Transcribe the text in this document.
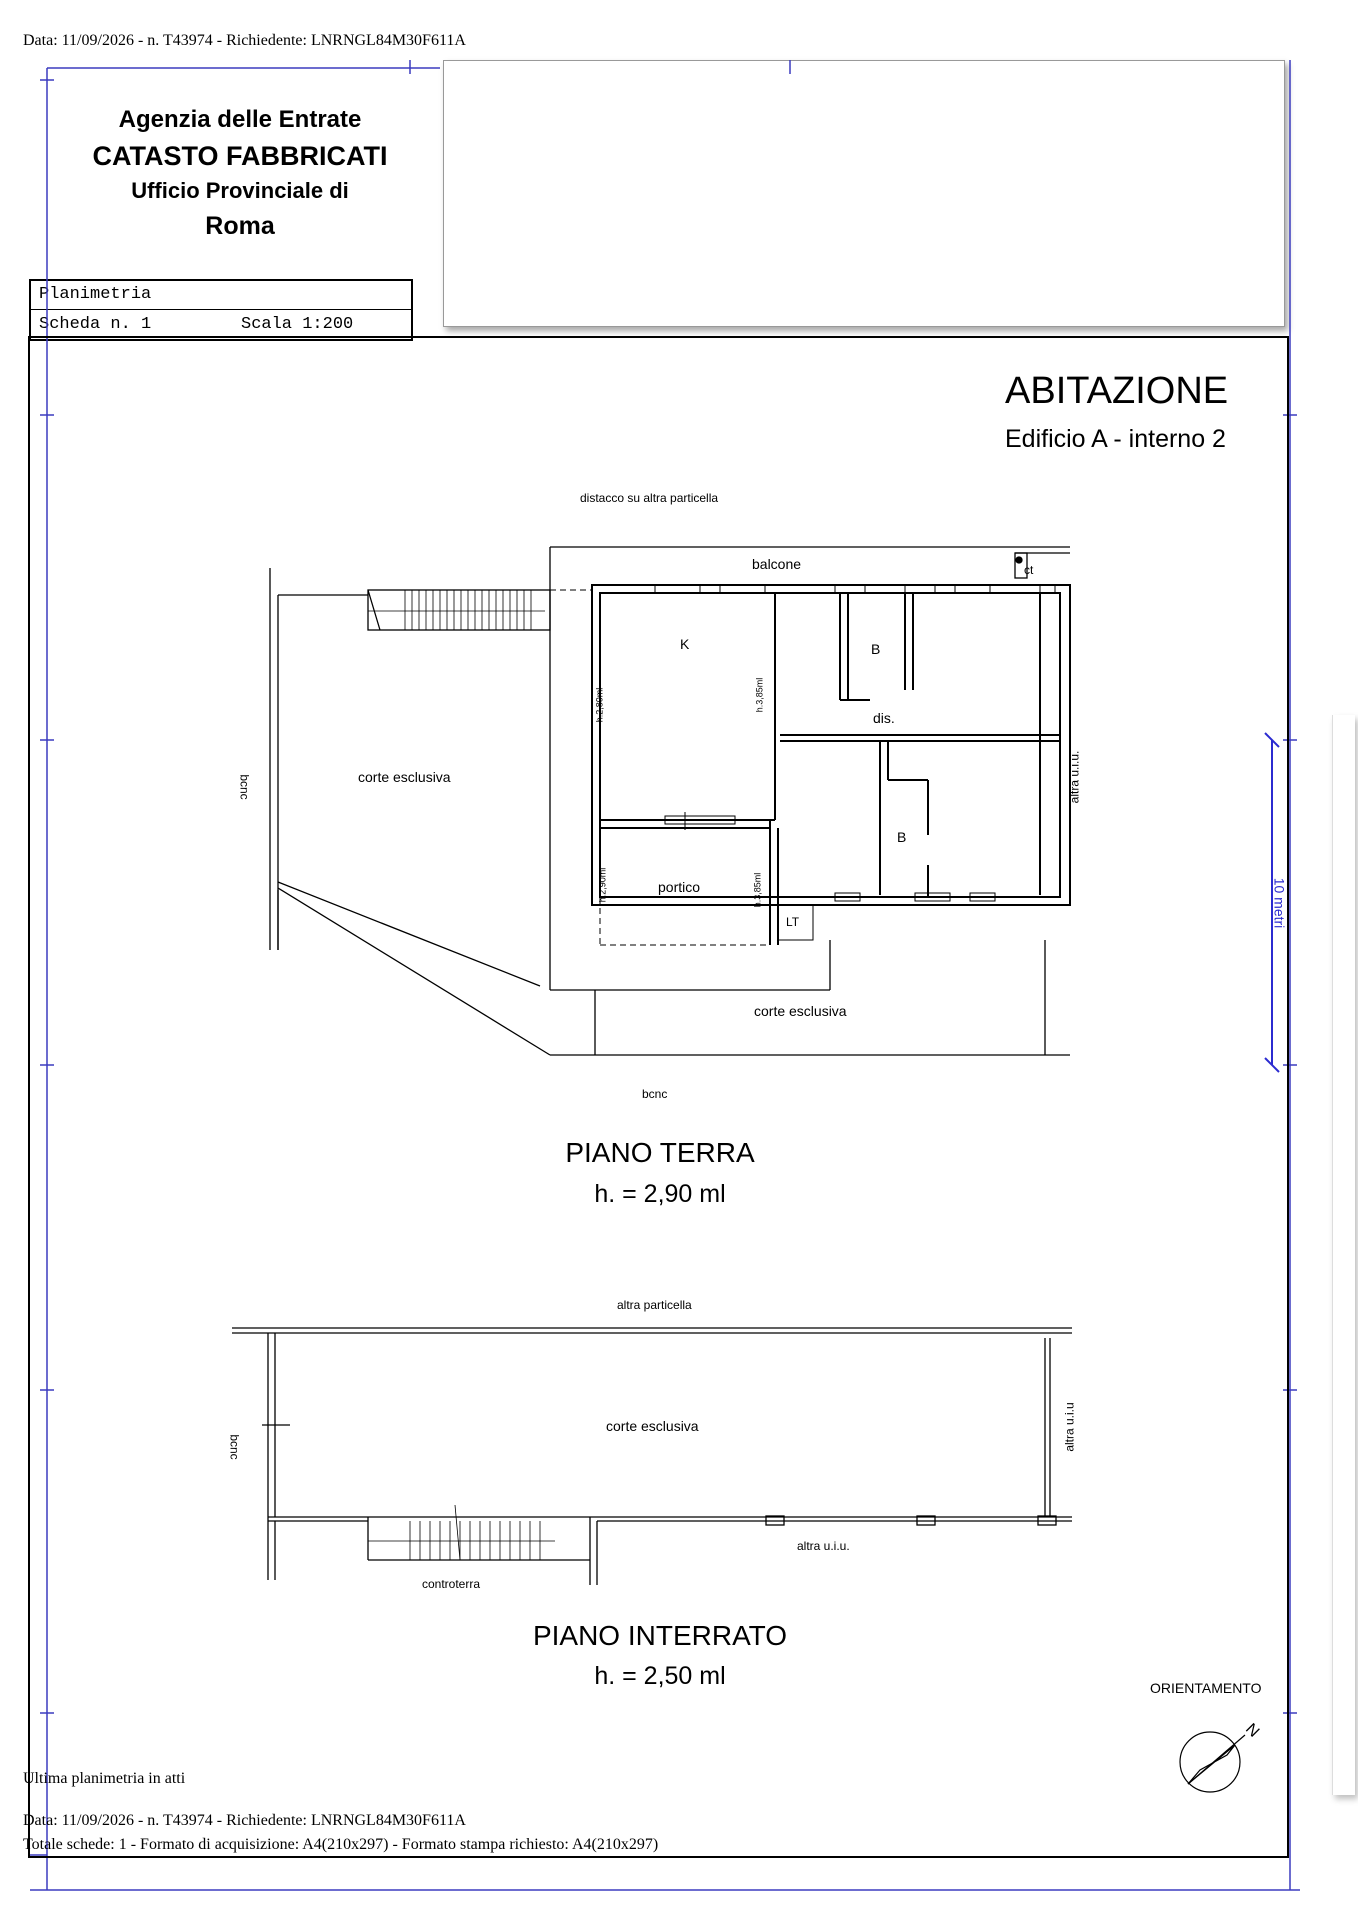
Data: 11/09/2026 - n. T43974 - Richiedente: LNRNGL84M30F611A
Agenzia delle Entrate
CATASTO FABBRICATI
Ufficio Provinciale di
Roma
Planimetria
Scheda n. 1	Scala 1:200
ABITAZIONE
Edificio A - interno 2
distacco su altra particella
balcone	ct
K	B
dis.
corte esclusiva
bcnc	altra u.i.u.
B
portico
LT
corte esclusiva
bcnc
h.2,80ml	h.3,85ml
h.2,90ml	h.3,85ml
PIANO TERRA
h. = 2,90 ml
altra particella
corte esclusiva
bcnc	altra u.i.u
altra u.i.u.
controterra
PIANO INTERRATO
h. = 2,50 ml
10 metri
ORIENTAMENTO
N
Ultima planimetria in atti
Data: 11/09/2026 - n. T43974 - Richiedente: LNRNGL84M30F611A
Totale schede: 1 - Formato di acquisizione: A4(210x297) - Formato stampa richiesto: A4(210x297)
